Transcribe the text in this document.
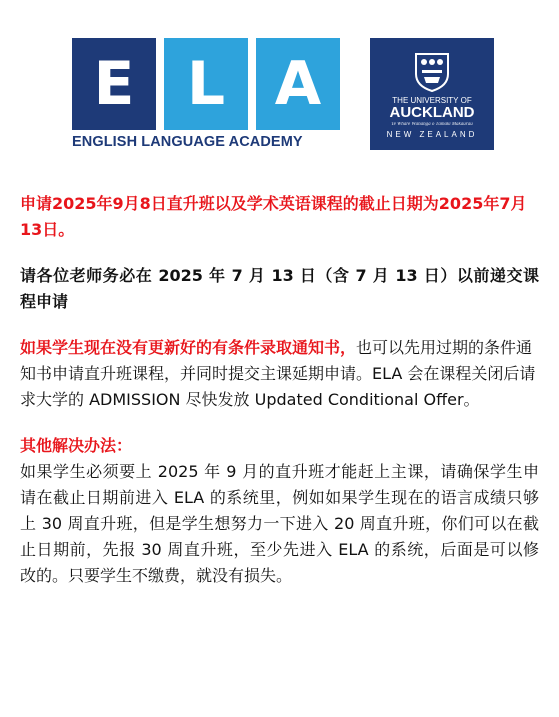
E L A
ENGLISH LANGUAGE ACADEMY
THE UNIVERSITY OF
AUCKLAND
Te Whare Wānanga o Tāmaki Makaurau
NEW ZEALAND

申请2025年9月8日直升班以及学术英语课程的截止日期为2025年7月13日。

请各位老师务必在 2025 年 7 月 13 日（含 7 月 13 日）以前递交课程申请

如果学生现在没有更新好的有条件录取通知书，也可以先用过期的条件通知书申请直升班课程，并同时提交主课延期申请。ELA 会在课程关闭后请求大学的 ADMISSION 尽快发放 Updated Conditional Offer。

其他解决办法：

如果学生必须要上 2025 年 9 月的直升班才能赶上主课，请确保学生申请在截止日期前进入 ELA 的系统里，例如如果学生现在的语言成绩只够上 30 周直升班，但是学生想努力一下进入 20 周直升班，你们可以在截止日期前，先报 30 周直升班，至少先进入 ELA 的系统，后面是可以修改的。只要学生不缴费，就没有损失。
